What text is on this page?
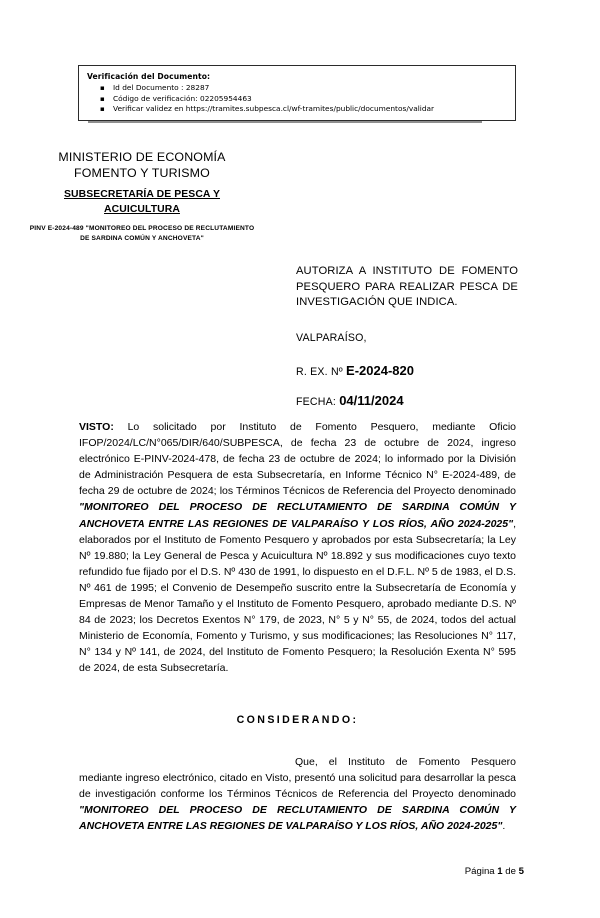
Verificación del Documento:
▪ Id del Documento : 28287
▪ Código de verificación: 02205954463
▪ Verificar validez en https://tramites.subpesca.cl/wf-tramites/public/documentos/validar
MINISTERIO DE ECONOMÍA
FOMENTO Y TURISMO
SUBSECRETARÍA DE PESCA Y
ACUICULTURA
PINV E-2024-489 "MONITOREO DEL PROCESO DE RECLUTAMIENTO DE SARDINA COMÚN Y ANCHOVETA"
AUTORIZA A INSTITUTO DE FOMENTO PESQUERO PARA REALIZAR PESCA DE INVESTIGACIÓN QUE INDICA.
VALPARAÍSO,
R. EX. Nº E-2024-820
FECHA: 04/11/2024
VISTO: Lo solicitado por Instituto de Fomento Pesquero, mediante Oficio IFOP/2024/LC/N°065/DIR/640/SUBPESCA, de fecha 23 de octubre de 2024, ingreso electrónico E-PINV-2024-478, de fecha 23 de octubre de 2024; lo informado por la División de Administración Pesquera de esta Subsecretaría, en Informe Técnico N° E-2024-489, de fecha 29 de octubre de 2024; los Términos Técnicos de Referencia del Proyecto denominado "MONITOREO DEL PROCESO DE RECLUTAMIENTO DE SARDINA COMÚN Y ANCHOVETA ENTRE LAS REGIONES DE VALPARAÍSO Y LOS RÍOS, AÑO 2024-2025", elaborados por el Instituto de Fomento Pesquero y aprobados por esta Subsecretaría; la Ley Nº 19.880; la Ley General de Pesca y Acuicultura Nº 18.892 y sus modificaciones cuyo texto refundido fue fijado por el D.S. Nº 430 de 1991, lo dispuesto en el D.F.L. Nº 5 de 1983, el D.S. Nº 461 de 1995; el Convenio de Desempeño suscrito entre la Subsecretaría de Economía y Empresas de Menor Tamaño y el Instituto de Fomento Pesquero, aprobado mediante D.S. Nº 84 de 2023; los Decretos Exentos N° 179, de 2023, N° 5 y N° 55, de 2024, todos del actual Ministerio de Economía, Fomento y Turismo, y sus modificaciones; las Resoluciones N° 117, N° 134 y Nº 141, de 2024, del Instituto de Fomento Pesquero; la Resolución Exenta N° 595 de 2024, de esta Subsecretaría.
CONSIDERANDO:
Que, el Instituto de Fomento Pesquero mediante ingreso electrónico, citado en Visto, presentó una solicitud para desarrollar la pesca de investigación conforme los Términos Técnicos de Referencia del Proyecto denominado "MONITOREO DEL PROCESO DE RECLUTAMIENTO DE SARDINA COMÚN Y ANCHOVETA ENTRE LAS REGIONES DE VALPARAÍSO Y LOS RÍOS, AÑO 2024-2025".
Página 1 de 5
